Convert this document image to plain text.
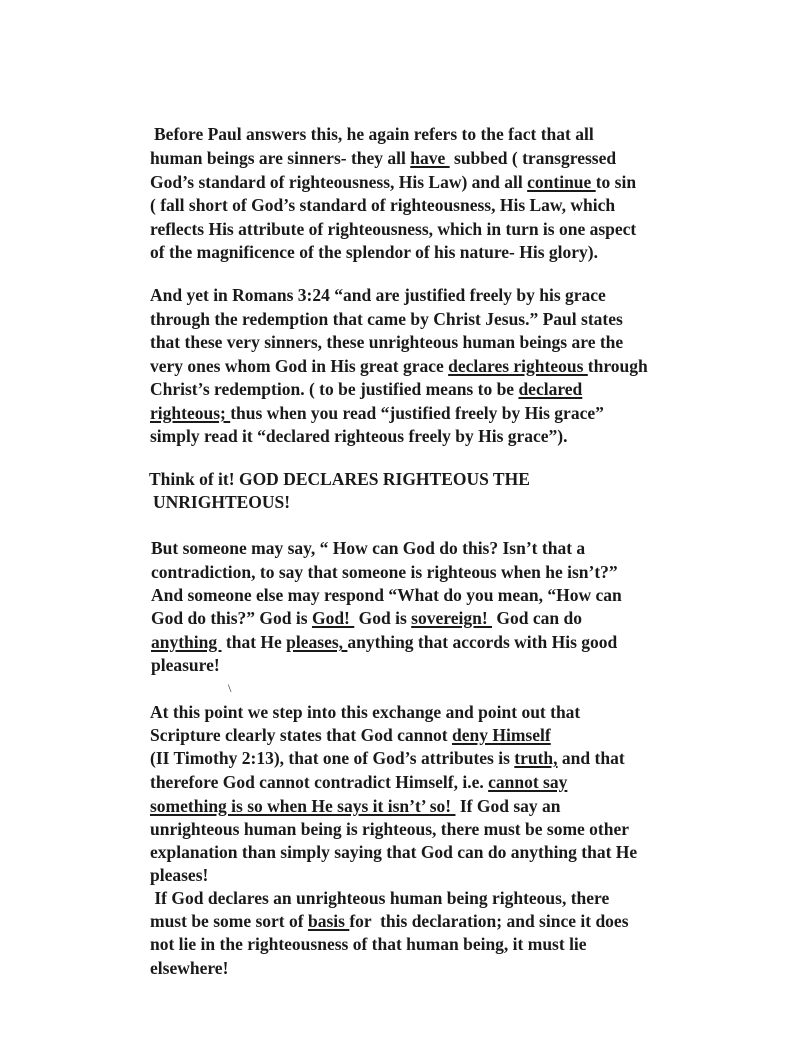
Before Paul answers this, he again refers to the fact that all
human beings are sinners- they all have  subbed ( transgressed
God’s standard of righteousness, His Law) and all continue to sin
( fall short of God’s standard of righteousness, His Law, which
reflects His attribute of righteousness, which in turn is one aspect
of the magnificence of the splendor of his nature- His glory).
And yet in Romans 3:24 “and are justified freely by his grace
through the redemption that came by Christ Jesus.” Paul states
that these very sinners, these unrighteous human beings are the
very ones whom God in His great grace declares righteous through
Christ’s redemption. ( to be justified means to be declared
righteous; thus when you read “justified freely by His grace”
simply read it “declared righteous freely by His grace”).
Think of it! GOD DECLARES RIGHTEOUS THE
UNRIGHTEOUS!
But someone may say, “ How can God do this? Isn’t that a
contradiction, to say that someone is righteous when he isn’t?”
And someone else may respond “What do you mean, “How can
God do this?” God is God!  God is sovereign!  God can do
anything  that He pleases, anything that accords with His good
pleasure!
\
At this point we step into this exchange and point out that
Scripture clearly states that God cannot deny Himself
(II Timothy 2:13), that one of God’s attributes is truth, and that
therefore God cannot contradict Himself, i.e. cannot say
something is so when He says it isn’t’ so!  If God say an
unrighteous human being is righteous, there must be some other
explanation than simply saying that God can do anything that He
pleases!
If God declares an unrighteous human being righteous, there
must be some sort of basis for  this declaration; and since it does
not lie in the righteousness of that human being, it must lie
elsewhere!
